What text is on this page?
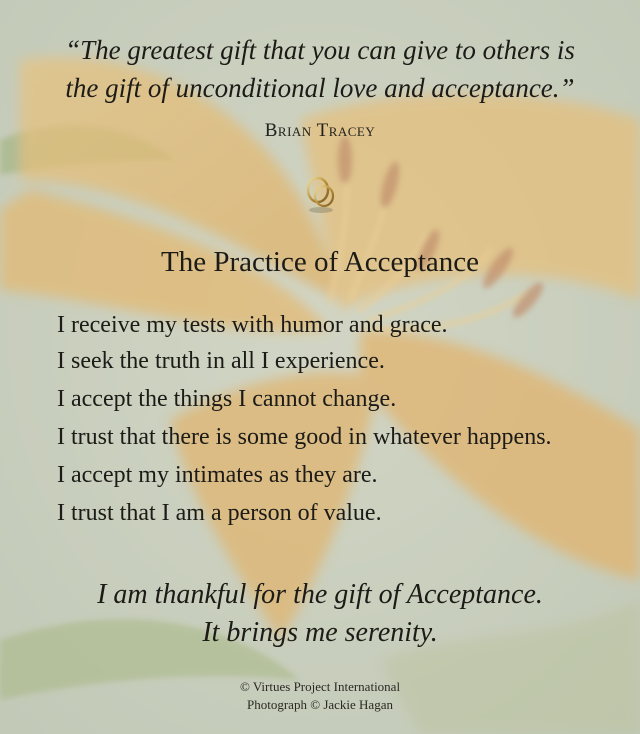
“The greatest gift that you can give to others is
the gift of unconditional love and acceptance.”
Brian Tracey
The Practice of Acceptance
I receive my tests with humor and grace.
I seek the truth in all I experience.
I accept the things I cannot change.
I trust that there is some good in whatever happens.
I accept my intimates as they are.
I trust that I am a person of value.
I am thankful for the gift of Acceptance.
It brings me serenity.
© Virtues Project International
Photograph © Jackie Hagan
